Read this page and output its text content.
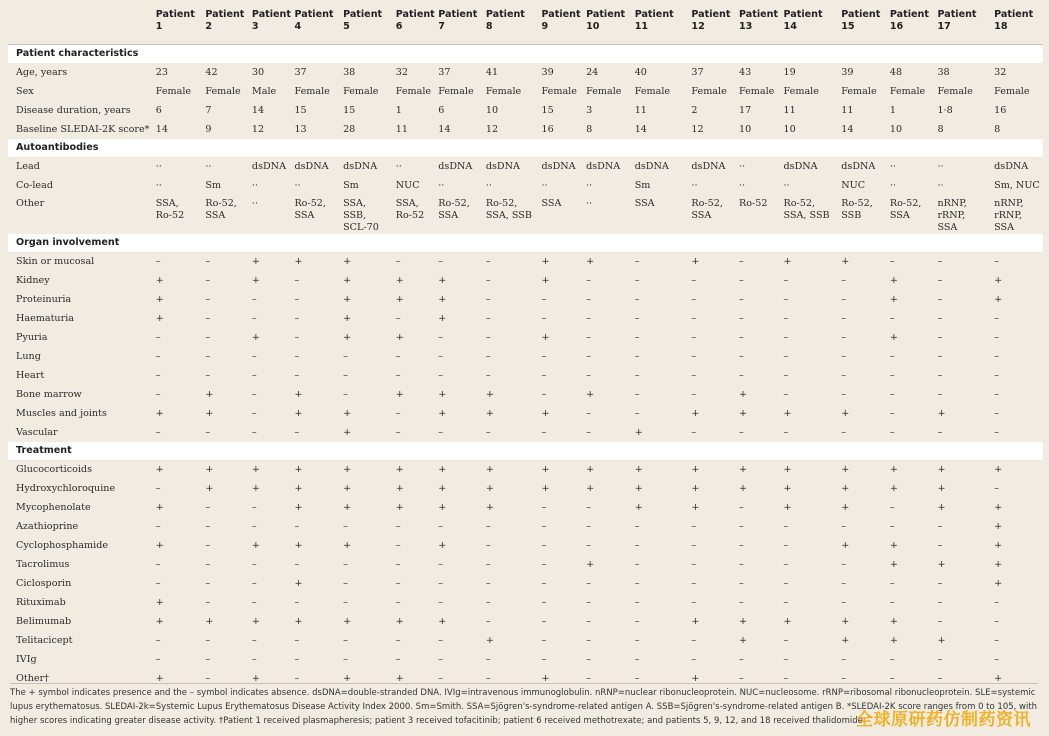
	Patient 1	Patient 2	Patient 3	Patient 4	Patient 5	Patient 6	Patient 7	Patient 8	Patient 9	Patient 10	Patient 11	Patient 12	Patient 13	Patient 14	Patient 15	Patient 16	Patient 17	Patient 18
Patient characteristics																		
Age, years	23	42	30	37	38	32	37	41	39	24	40	37	43	19	39	48	38	32
Sex	Female	Female	Male	Female	Female	Female	Female	Female	Female	Female	Female	Female	Female	Female	Female	Female	Female	Female
Disease duration, years	6	7	14	15	15	1	6	10	15	3	11	2	17	11	11	1	1·8	16
Baseline SLEDAI-2K score*	14	9	12	13	28	11	14	12	16	8	14	12	10	10	14	10	8	8
Autoantibodies																		
Lead	··	··	dsDNA	dsDNA	dsDNA	··	dsDNA	dsDNA	dsDNA	dsDNA	dsDNA	dsDNA	··	dsDNA	dsDNA	··	··	dsDNA
Co-lead	··	Sm	··	··	Sm	NUC	··	··	··	··	Sm	··	··	··	NUC	··	··	Sm, NUC
Other	SSA, Ro-52	Ro-52, SSA	··	Ro-52, SSA	SSA, SSB, SCL-70	SSA, Ro-52	Ro-52, SSA	Ro-52, SSA, SSB	SSA	··	SSA	Ro-52, SSA	Ro-52	Ro-52, SSA, SSB	Ro-52, SSB	Ro-52, SSA	nRNP, rRNP, SSA	nRNP, rRNP, SSA
Organ involvement																		
Skin or mucosal	–	–	+	+	+	–	–	–	+	+	–	+	–	+	+	–	–	–
Kidney	+	–	+	–	+	+	+	–	+	–	–	–	–	–	–	+	–	+
Proteinuria	+	–	–	–	+	+	+	–	–	–	–	–	–	–	–	+	–	+
Haematuria	+	–	–	–	+	–	+	–	–	–	–	–	–	–	–	–	–	–
Pyuria	–	–	+	–	+	+	–	–	+	–	–	–	–	–	–	+	–	–
Lung	–	–	–	–	–	–	–	–	–	–	–	–	–	–	–	–	–	–
Heart	–	–	–	–	–	–	–	–	–	–	–	–	–	–	–	–	–	–
Bone marrow	–	+	–	+	–	+	+	+	–	+	–	–	+	–	–	–	–	–
Muscles and joints	+	+	–	+	+	–	+	+	+	–	–	+	+	+	+	–	+	–
Vascular	–	–	–	–	+	–	–	–	–	–	+	–	–	–	–	–	–	–
Treatment																		
Glucocorticoids	+	+	+	+	+	+	+	+	+	+	+	+	+	+	+	+	+	+
Hydroxychloroquine	–	+	+	+	+	+	+	+	+	+	+	+	+	+	+	+	+	–
Mycophenolate	+	–	–	+	+	+	+	+	–	–	+	+	–	+	+	–	+	+
Azathioprine	–	–	–	–	–	–	–	–	–	–	–	–	–	–	–	–	–	+
Cyclophosphamide	+	–	+	+	+	–	+	–	–	–	–	–	–	–	+	+	–	+
Tacrolimus	–	–	–	–	–	–	–	–	–	+	–	–	–	–	–	+	+	+
Ciclosporin	–	–	–	+	–	–	–	–	–	–	–	–	–	–	–	–	–	+
Rituximab	+	–	–	–	–	–	–	–	–	–	–	–	–	–	–	–	–	–
Belimumab	+	+	+	+	+	+	+	–	–	–	–	+	+	+	+	+	–	–
Telitacicept	–	–	–	–	–	–	–	+	–	–	–	–	+	–	+	+	+	–
IVIg	–	–	–	–	–	–	–	–	–	–	–	–	–	–	–	–	–	–
Other†	+	–	+	–	+	+	–	–	+	–	–	+	–	–	–	–	–	+
The + symbol indicates presence and the – symbol indicates absence. dsDNA=double-stranded DNA. IVIg=intravenous immunoglobulin. nRNP=nuclear ribonucleoprotein. NUC=nucleosome. rRNP=ribosomal ribonucleoprotein. SLE=systemic lupus erythematosus. SLEDAI-2k=Systemic Lupus Erythematosus Disease Activity Index 2000. Sm=Smith. SSA=Sjögren's-syndrome-related antigen A. SSB=Sjögren's-syndrome-related antigen B. *SLEDAI-2K score ranges from 0 to 105, with higher scores indicating greater disease activity. †Patient 1 received plasmapheresis; patient 3 received tofacitinib; patient 6 received methotrexate; and patients 5, 9, 12, and 18 received thalidomide.
全球原研药仿制药资讯
